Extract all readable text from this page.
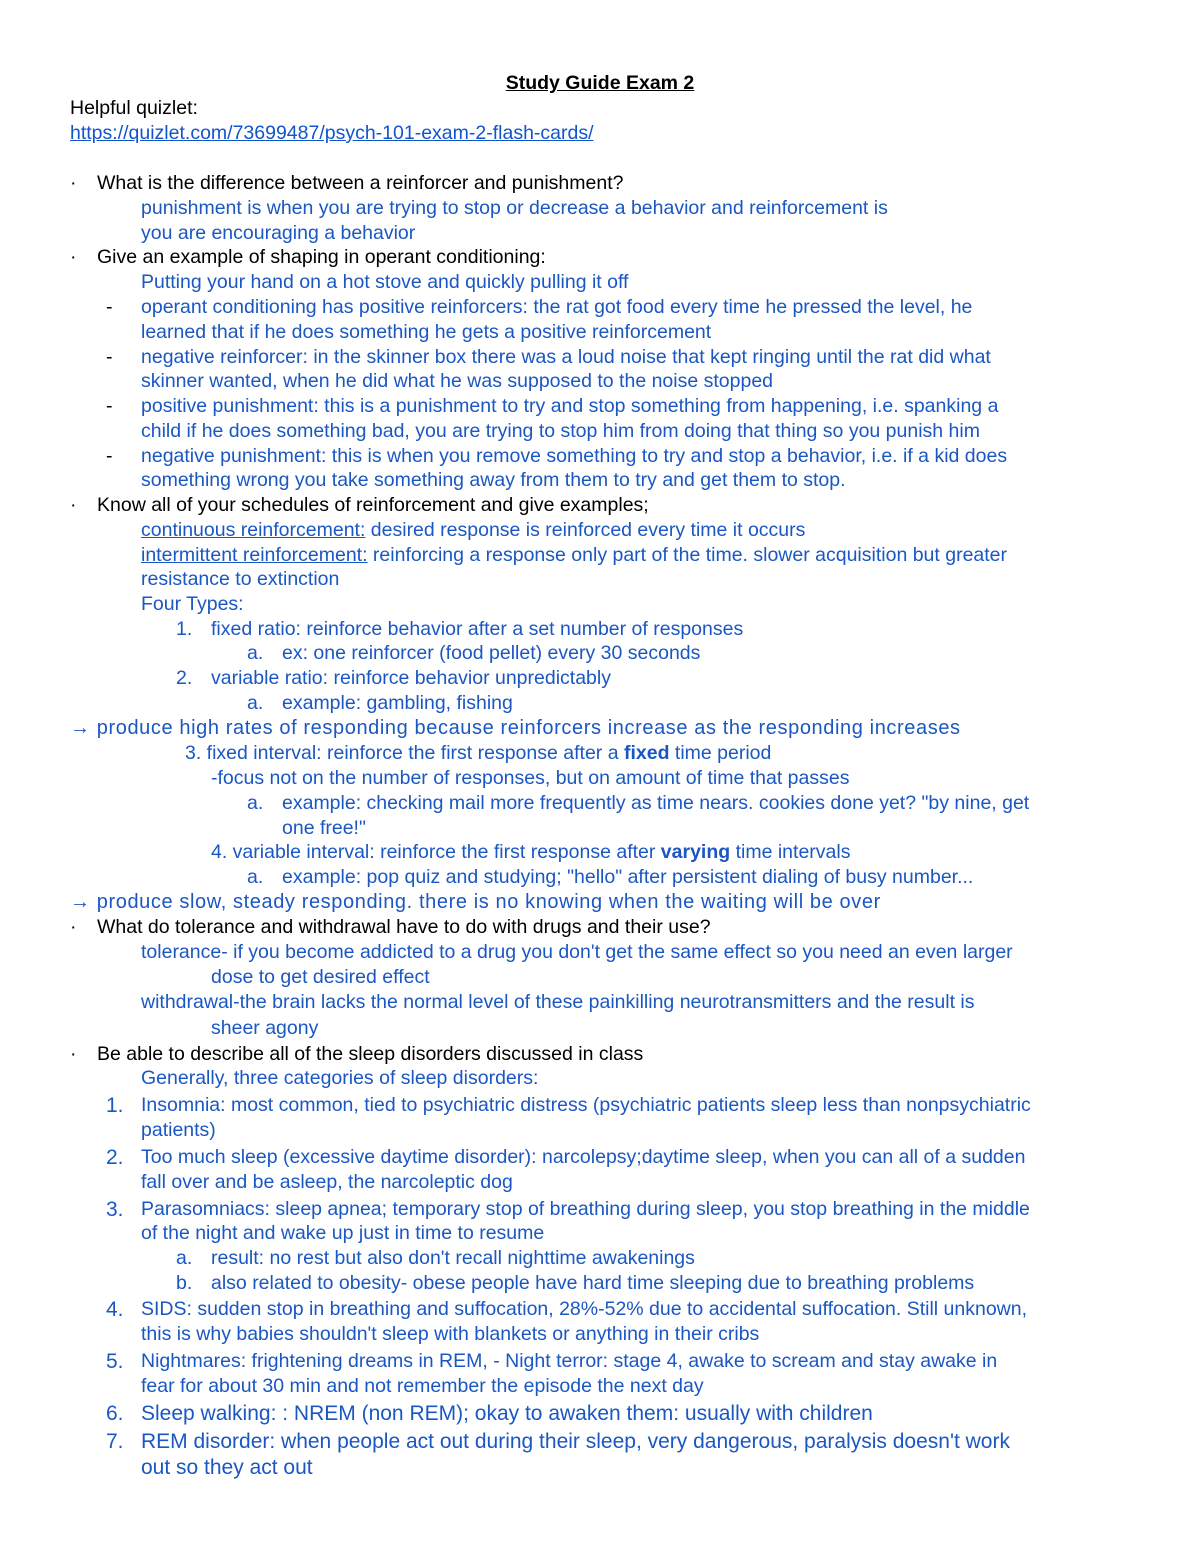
Study Guide Exam 2
Helpful quizlet:
https://quizlet.com/73699487/psych-101-exam-2-flash-cards/
· What is the difference between a reinforcer and punishment?
punishment is when you are trying to stop or decrease a behavior and reinforcement is
you are encouraging a behavior
· Give an example of shaping in operant conditioning:
Putting your hand on a hot stove and quickly pulling it off
- operant conditioning has positive reinforcers: the rat got food every time he pressed the level, he
learned that if he does something he gets a positive reinforcement
- negative reinforcer: in the skinner box there was a loud noise that kept ringing until the rat did what
skinner wanted, when he did what he was supposed to the noise stopped
- positive punishment: this is a punishment to try and stop something from happening, i.e. spanking a
child if he does something bad, you are trying to stop him from doing that thing so you punish him
- negative punishment: this is when you remove something to try and stop a behavior, i.e. if a kid does
something wrong you take something away from them to try and get them to stop.
· Know all of your schedules of reinforcement and give examples;
continuous reinforcement: desired response is reinforced every time it occurs
intermittent reinforcement: reinforcing a response only part of the time. slower acquisition but greater
resistance to extinction
Four Types:
1. fixed ratio: reinforce behavior after a set number of responses
a. ex: one reinforcer (food pellet) every 30 seconds
2. variable ratio: reinforce behavior unpredictably
a. example: gambling, fishing
→ produce high rates of responding because reinforcers increase as the responding increases
3. fixed interval: reinforce the first response after a fixed time period
-focus not on the number of responses, but on amount of time that passes
a. example: checking mail more frequently as time nears. cookies done yet? "by nine, get
one free!"
4. variable interval: reinforce the first response after varying time intervals
a. example: pop quiz and studying; "hello" after persistent dialing of busy number...
→ produce slow, steady responding. there is no knowing when the waiting will be over
· What do tolerance and withdrawal have to do with drugs and their use?
tolerance- if you become addicted to a drug you don't get the same effect so you need an even larger
dose to get desired effect
withdrawal-the brain lacks the normal level of these painkilling neurotransmitters and the result is
sheer agony
· Be able to describe all of the sleep disorders discussed in class
Generally, three categories of sleep disorders:
1. Insomnia: most common, tied to psychiatric distress (psychiatric patients sleep less than nonpsychiatric
patients)
2. Too much sleep (excessive daytime disorder): narcolepsy;daytime sleep, when you can all of a sudden
fall over and be asleep, the narcoleptic dog
3. Parasomniacs: sleep apnea; temporary stop of breathing during sleep, you stop breathing in the middle
of the night and wake up just in time to resume
a. result: no rest but also don't recall nighttime awakenings
b. also related to obesity- obese people have hard time sleeping due to breathing problems
4. SIDS: sudden stop in breathing and suffocation, 28%-52% due to accidental suffocation. Still unknown,
this is why babies shouldn't sleep with blankets or anything in their cribs
5. Nightmares: frightening dreams in REM, - Night terror: stage 4, awake to scream and stay awake in
fear for about 30 min and not remember the episode the next day
6. Sleep walking: : NREM (non REM); okay to awaken them: usually with children
7. REM disorder: when people act out during their sleep, very dangerous, paralysis doesn't work
out so they act out
